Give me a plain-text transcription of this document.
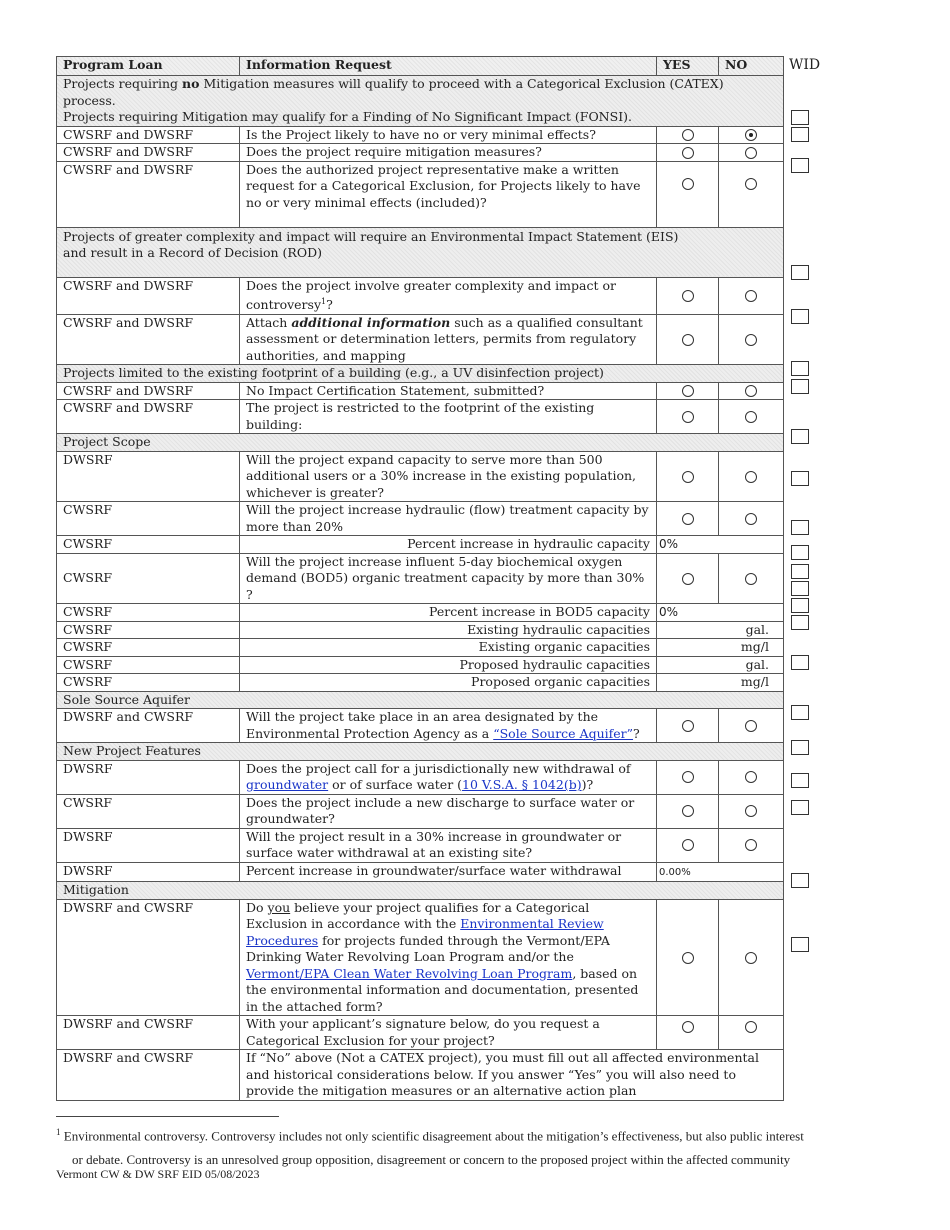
Program Loan	Information Request	YES	NO
Projects requiring no Mitigation measures will qualify to proceed with a Categorical Exclusion (CATEX) process.
Projects requiring Mitigation may qualify for a Finding of No Significant Impact (FONSI).			
CWSRF and DWSRF	Is the Project likely to have no or very minimal effects?		
CWSRF and DWSRF	Does the project require mitigation measures?		
CWSRF and DWSRF	Does the authorized project representative make a written request for a Categorical Exclusion, for Projects likely to have no or very minimal effects (included)?		
Projects of greater complexity and impact will require an Environmental Impact Statement (EIS)
and result in a Record of Decision (ROD)			
CWSRF and DWSRF	Does the project involve greater complexity and impact or controversy$^1$?		
CWSRF and DWSRF	Attach additional information such as a qualified consultant assessment or determination letters, permits from regulatory authorities, and mapping		
Projects limited to the existing footprint of a building (e.g., a UV disinfection project)			
CWSRF and DWSRF	No Impact Certification Statement, submitted?		
CWSRF and DWSRF	The project is restricted to the footprint of the existing building:		
Project Scope			
DWSRF	Will the project expand capacity to serve more than 500 additional users or a 30% increase in the existing population, whichever is greater?		
CWSRF	Will the project increase hydraulic (flow) treatment capacity by more than 20%		
CWSRF	Percent increase in hydraulic capacity	0%	
CWSRF	Will the project increase influent 5-day biochemical oxygen demand (BOD5) organic treatment capacity by more than 30% ?		
CWSRF	Percent increase in BOD5 capacity	0%	
CWSRF	Existing hydraulic capacities	gal.	
CWSRF	Existing organic capacities	mg/l	
CWSRF	Proposed hydraulic capacities	gal.	
CWSRF	Proposed organic capacities	mg/l	
Sole Source Aquifer			
DWSRF and CWSRF	Will the project take place in an area designated by the Environmental Protection Agency as a “Sole Source Aquifer”?		
New Project Features			
DWSRF	Does the project call for a jurisdictionally new withdrawal of groundwater or of surface water (10 V.S.A. § 1042(b))?		
CWSRF	Does the project include a new discharge to surface water or groundwater?		
DWSRF	Will the project result in a 30% increase in groundwater or surface water withdrawal at an existing site?		
DWSRF	Percent increase in groundwater/surface water withdrawal	0.00%	
Mitigation			
DWSRF and CWSRF	Do you believe your project qualifies for a Categorical Exclusion in accordance with the Environmental Review Procedures for projects funded through the Vermont/EPA Drinking Water Revolving Loan Program and/or the Vermont/EPA Clean Water Revolving Loan Program, based on the environmental information and documentation, presented in the attached form?		
DWSRF and CWSRF	With your applicant’s signature below, do you request a Categorical Exclusion for your project?		
DWSRF and CWSRF	If “No” above (Not a CATEX project), you must fill out all affected environmental and historical considerations below. If you answer “Yes” you will also need to provide the mitigation measures or an alternative action plan		
WID
$^1$ Environmental controversy. Controversy includes not only scientific disagreement about the mitigation’s effectiveness, but also public interest
or debate. Controversy is an unresolved group opposition, disagreement or concern to the proposed project within the affected community
Vermont CW & DW SRF EID 05/08/2023
